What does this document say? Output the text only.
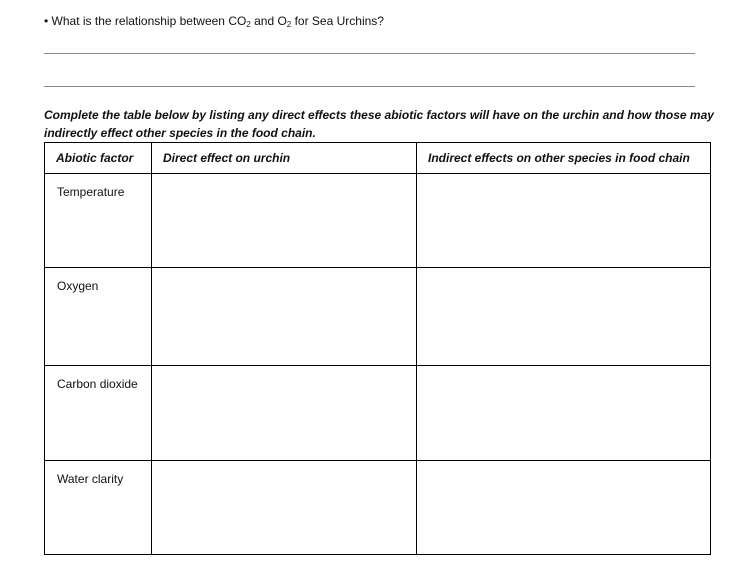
• What is the relationship between $CO_2$ and $O_2$ for Sea Urchins?
Complete the table below by listing any direct effects these abiotic factors will have on the urchin and how those may indirectly effect other species in the food chain.
Abiotic factor	Direct effect on urchin	Indirect effects on other species in food chain
Temperature		
Oxygen		
Carbon dioxide		
Water clarity		
